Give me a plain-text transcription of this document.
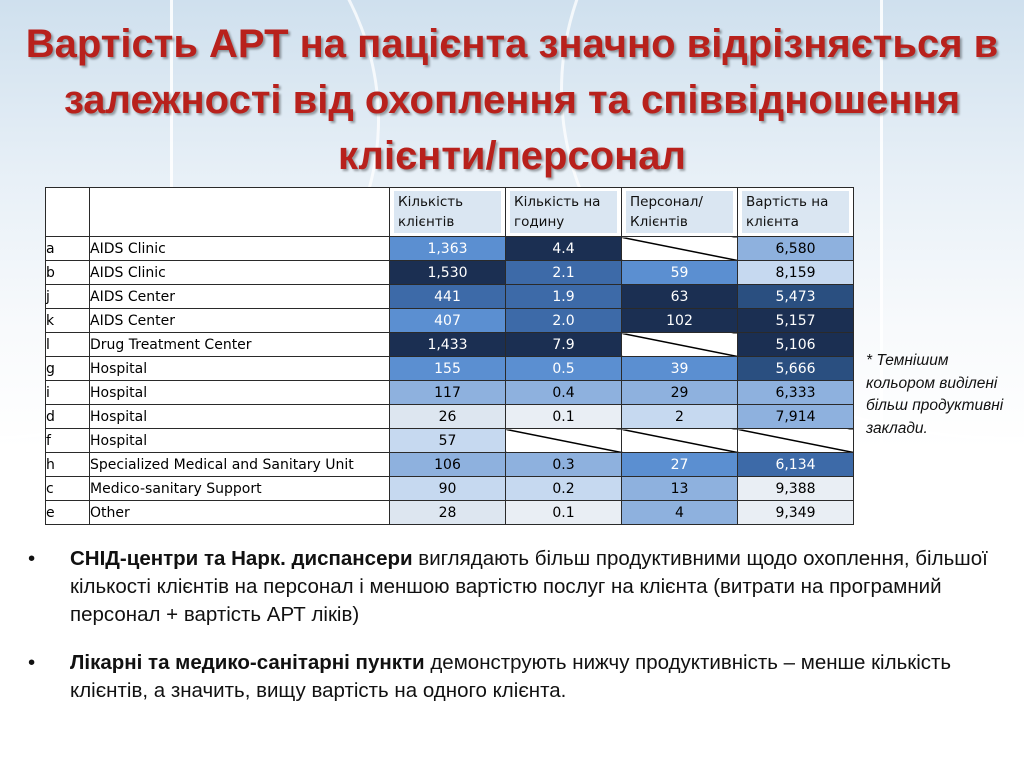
Вартість АРТ на пацієнта значно відрізняється в залежності від охоплення та співвідношення клієнти/персонал

		Кількість клієнтів	Кількість на годину	Персонал/ Клієнтів	Вартість на клієнта

a	AIDS Clinic	1,363	4.4		6,580
b	AIDS Clinic	1,530	2.1	59	8,159
j	AIDS Center	441	1.9	63	5,473
k	AIDS Center	407	2.0	102	5,157
l	Drug Treatment Center	1,433	7.9		5,106
g	Hospital	155	0.5	39	5,666
i	Hospital	117	0.4	29	6,333
d	Hospital	26	0.1	2	7,914
f	Hospital	57			
h	Specialized Medical and Sanitary Unit	106	0.3	27	6,134
c	Medico-sanitary Support	90	0.2	13	9,388
e	Other	28	0.1	4	9,349
* Темнішим кольором виділені більш продуктивні заклади.
• СНІД-центри та Нарк. диспансери виглядають більш продуктивними щодо охоплення, більшої кількості клієнтів на персонал і меншою вартістю послуг на клієнта (витрати на програмний персонал + вартість АРТ ліків)
• Лікарні та медико-санітарні пункти демонструють нижчу продуктивність – менше кількість клієнтів, а значить, вищу вартість на одного клієнта.
